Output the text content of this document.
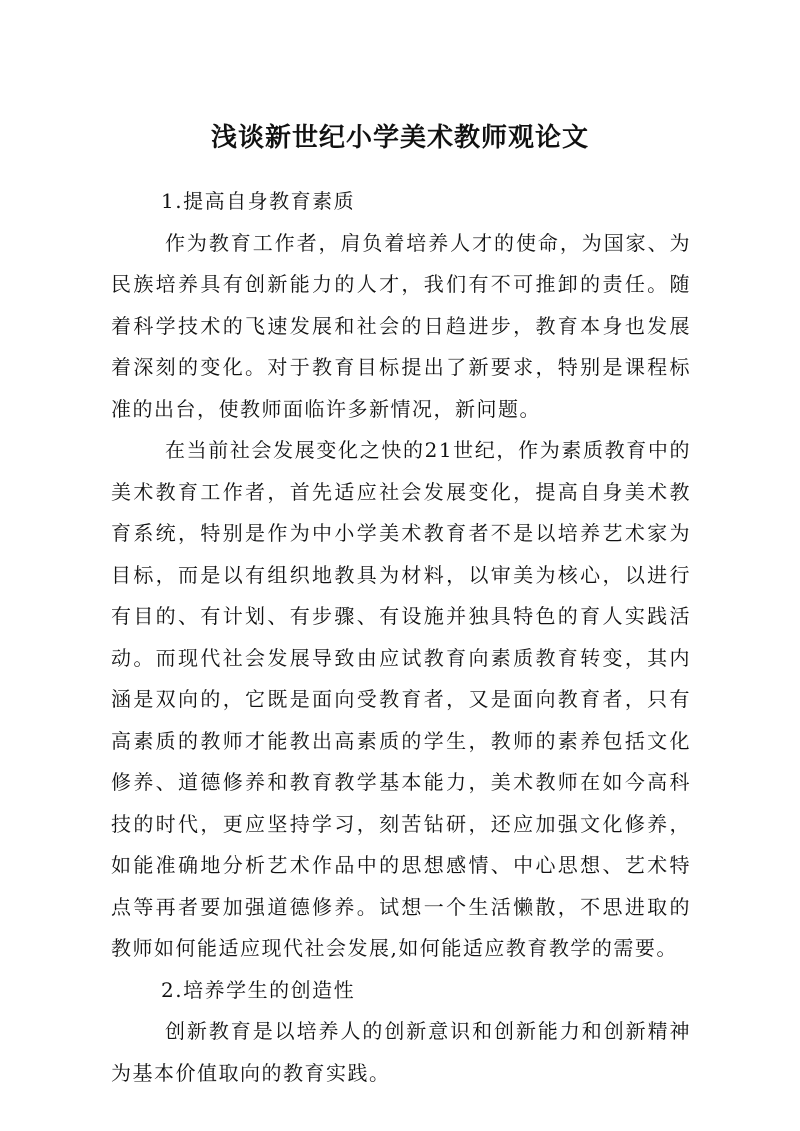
浅谈新世纪小学美术教师观论文
1.提高自身教育素质

作为教育工作者，肩负着培养人才的使命，为国家、为民族培养具有创新能力的人才，我们有不可推卸的责任。随着科学技术的飞速发展和社会的日趋进步，教育本身也发展着深刻的变化。对于教育目标提出了新要求，特别是课程标准的出台，使教师面临许多新情况，新问题。

在当前社会发展变化之快的21世纪，作为素质教育中的美术教育工作者，首先适应社会发展变化，提高自身美术教育系统，特别是作为中小学美术教育者不是以培养艺术家为目标，而是以有组织地教具为材料，以审美为核心，以进行有目的、有计划、有步骤、有设施并独具特色的育人实践活动。而现代社会发展导致由应试教育向素质教育转变，其内涵是双向的，它既是面向受教育者，又是面向教育者，只有高素质的教师才能教出高素质的学生，教师的素养包括文化修养、道德修养和教育教学基本能力，美术教师在如今高科技的时代，更应坚持学习，刻苦钻研，还应加强文化修养，如能准确地分析艺术作品中的思想感情、中心思想、艺术特点等再者要加强道德修养。试想一个生活懒散，不思进取的教师如何能适应现代社会发展,如何能适应教育教学的需要。

2.培养学生的创造性

创新教育是以培养人的创新意识和创新能力和创新精神为基本价值取向的教育实践。
